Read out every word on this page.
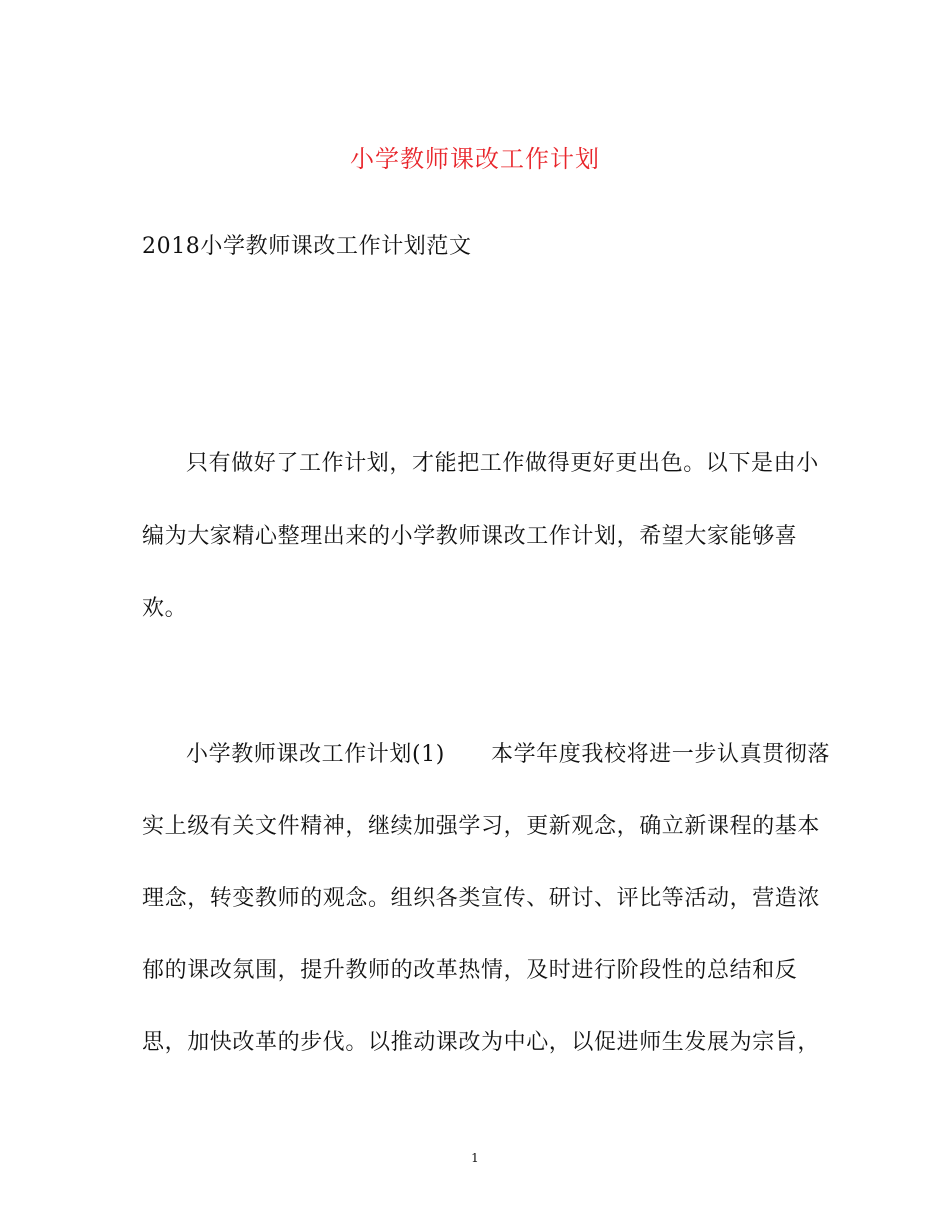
小学教师课改工作计划
2018小学教师课改工作计划范文
只有做好了工作计划，才能把工作做得更好更出色。以下是由小
编为大家精心整理出来的小学教师课改工作计划，希望大家能够喜
欢。
小学教师课改工作计划(1) 本学年度我校将进一步认真贯彻落
实上级有关文件精神，继续加强学习，更新观念，确立新课程的基本
理念，转变教师的观念。组织各类宣传、研讨、评比等活动，营造浓
郁的课改氛围，提升教师的改革热情，及时进行阶段性的总结和反
思，加快改革的步伐。以推动课改为中心，以促进师生发展为宗旨，
1
